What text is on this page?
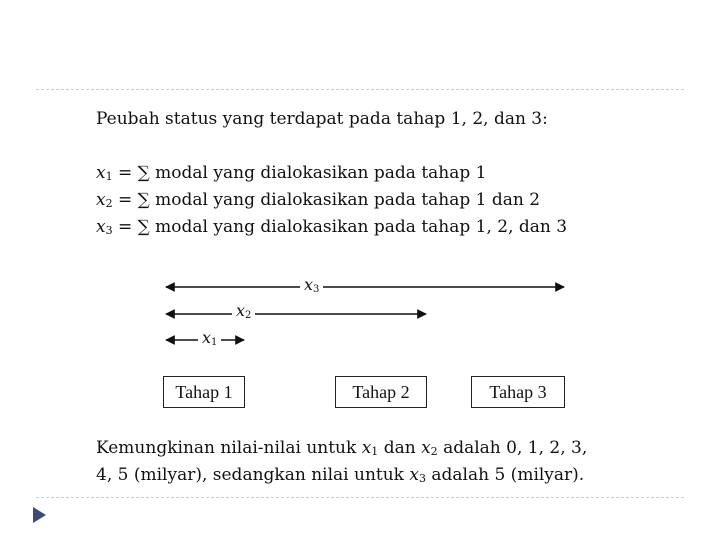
Peubah status yang terdapat pada tahap 1, 2, dan 3:
x1 = ∑ modal yang dialokasikan pada tahap 1
x2 = ∑ modal yang dialokasikan pada tahap 1 dan 2
x3 = ∑ modal yang dialokasikan pada tahap 1, 2, dan 3
x3
x2
x1
Tahap 1	Tahap 2	Tahap 3
Kemungkinan nilai-nilai untuk x1 dan x2 adalah 0, 1, 2, 3,
4, 5 (milyar), sedangkan nilai untuk x3 adalah 5 (milyar).
